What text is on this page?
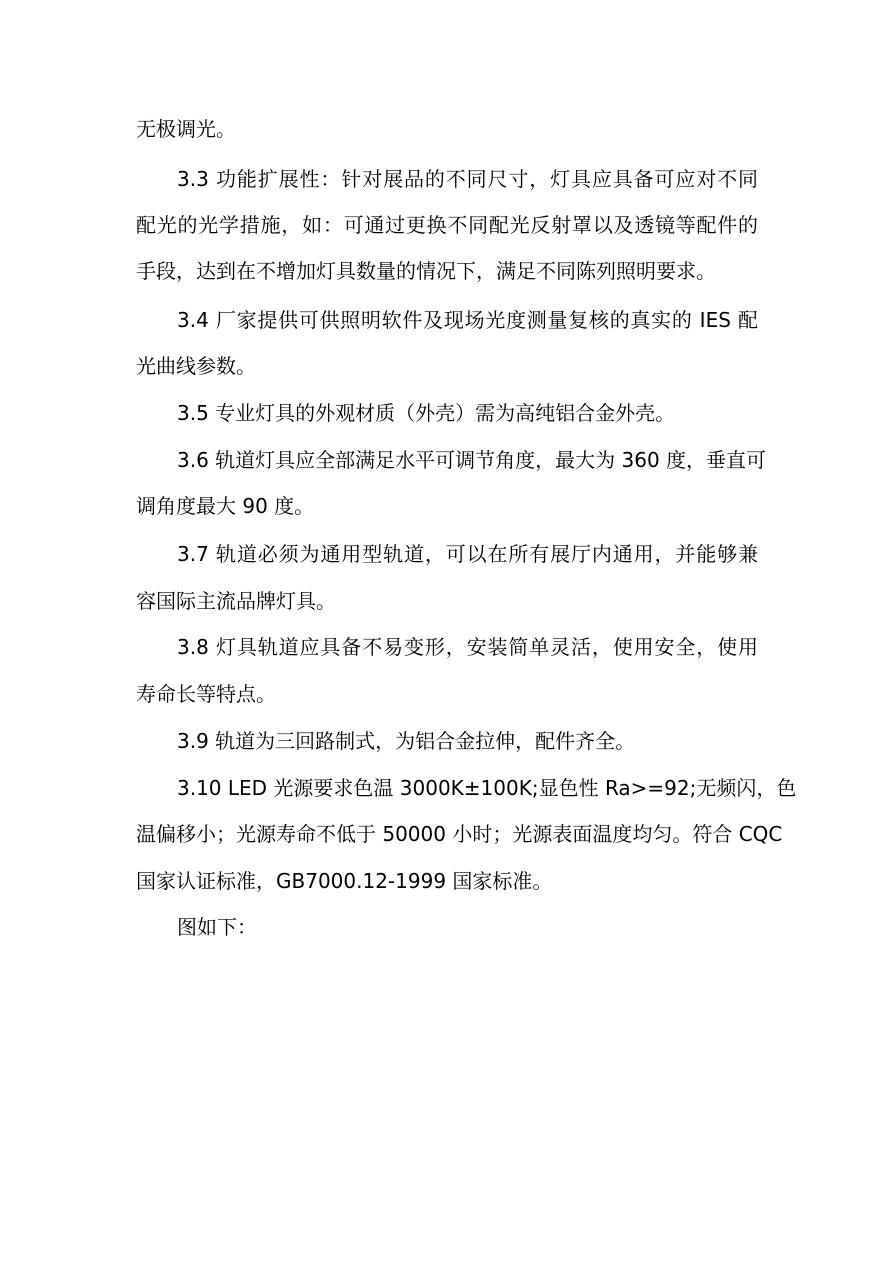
无极调光。
3.3 功能扩展性：针对展品的不同尺寸，灯具应具备可应对不同
配光的光学措施，如：可通过更换不同配光反射罩以及透镜等配件的
手段，达到在不增加灯具数量的情况下，满足不同陈列照明要求。
3.4 厂家提供可供照明软件及现场光度测量复核的真实的 IES 配
光曲线参数。
3.5 专业灯具的外观材质（外壳）需为高纯铝合金外壳。
3.6 轨道灯具应全部满足水平可调节角度，最大为 360 度，垂直可
调角度最大 90 度。
3.7 轨道必须为通用型轨道，可以在所有展厅内通用，并能够兼
容国际主流品牌灯具。
3.8 灯具轨道应具备不易变形，安装简单灵活，使用安全，使用
寿命长等特点。
3.9 轨道为三回路制式，为铝合金拉伸，配件齐全。
3.10 LED 光源要求色温 3000K±100K;显色性 Ra>=92;无频闪，色
温偏移小；光源寿命不低于 50000 小时；光源表面温度均匀。符合 CQC
国家认证标准，GB7000.12-1999 国家标准。
图如下：
